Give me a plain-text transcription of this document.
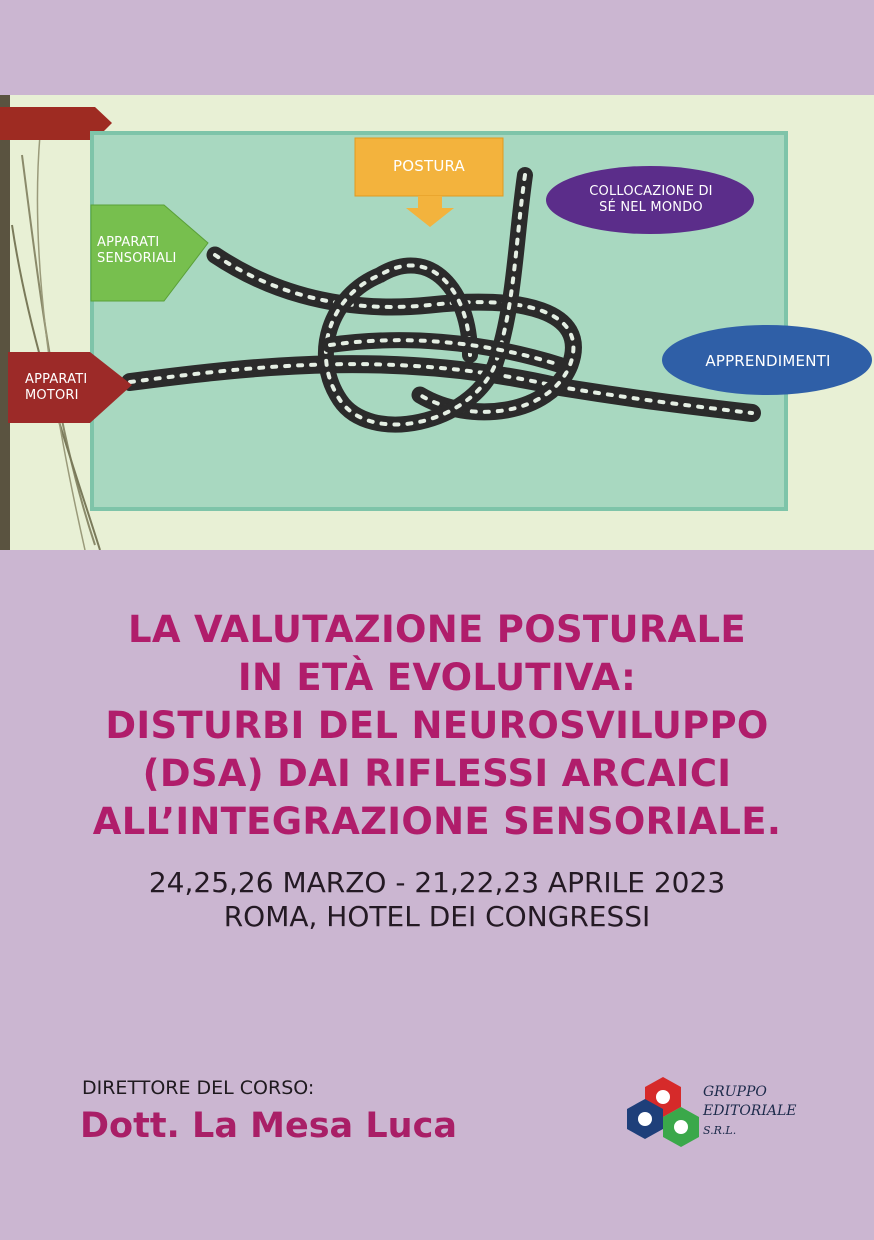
POSTURA
COLLOCAZIONE DI
SÉ NEL MONDO
APPARATI
SENSORIALI
APPARATI
MOTORI
APPRENDIMENTI
LA VALUTAZIONE POSTURALE
IN ETÀ EVOLUTIVA:
DISTURBI DEL NEUROSVILUPPO
(DSA) DAI RIFLESSI ARCAICI
ALL’INTEGRAZIONE SENSORIALE.
24,25,26 MARZO - 21,22,23 APRILE 2023
ROMA, HOTEL DEI CONGRESSI
DIRETTORE DEL CORSO:
Dott. La Mesa Luca
GRUPPO
EDITORIALE
S.R.L.
